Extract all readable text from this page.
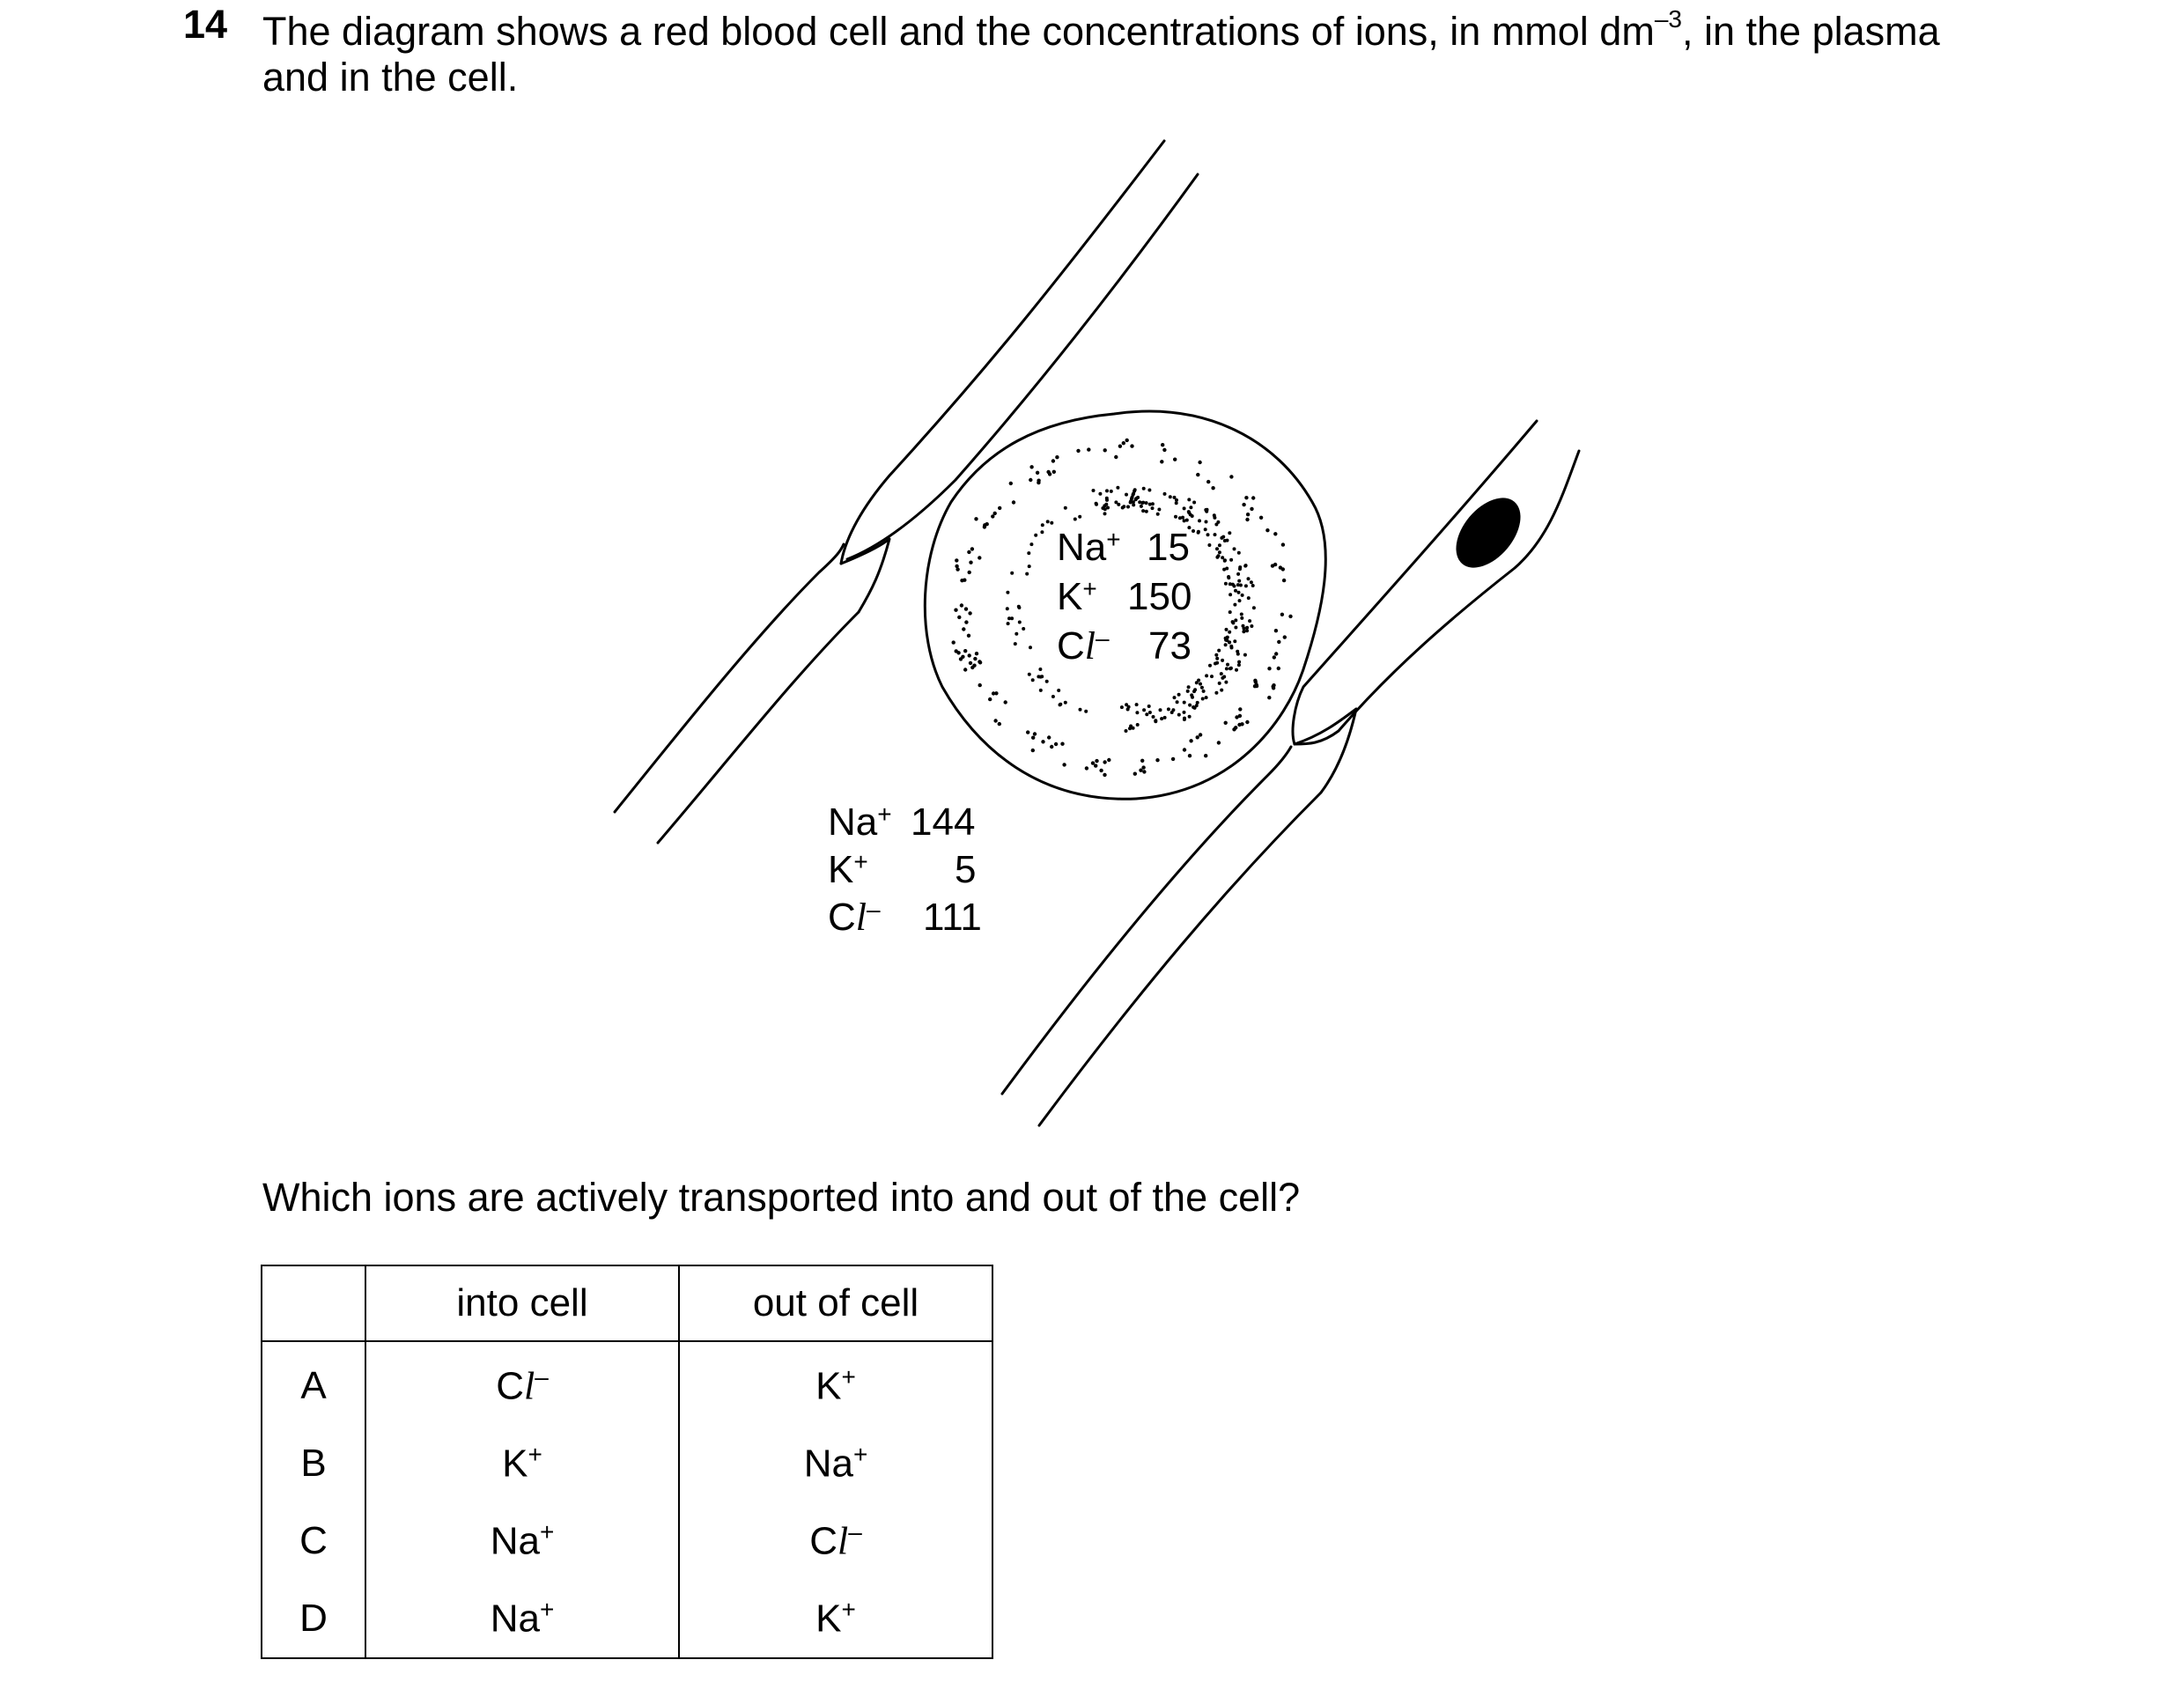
14 The diagram shows a red blood cell and the concentrations of ions, in mmol $dm^{-3}$, in the plasma
and in the cell.
Na+ 15
K+ 150
Cl– 73
Na+ 144
K+ 5
Cl– 111
Which ions are actively transported into and out of the cell?
	into cell	out of cell
A	Cl–	K+
B	K+	Na+
C	Na+	Cl–
D	Na+	K+
